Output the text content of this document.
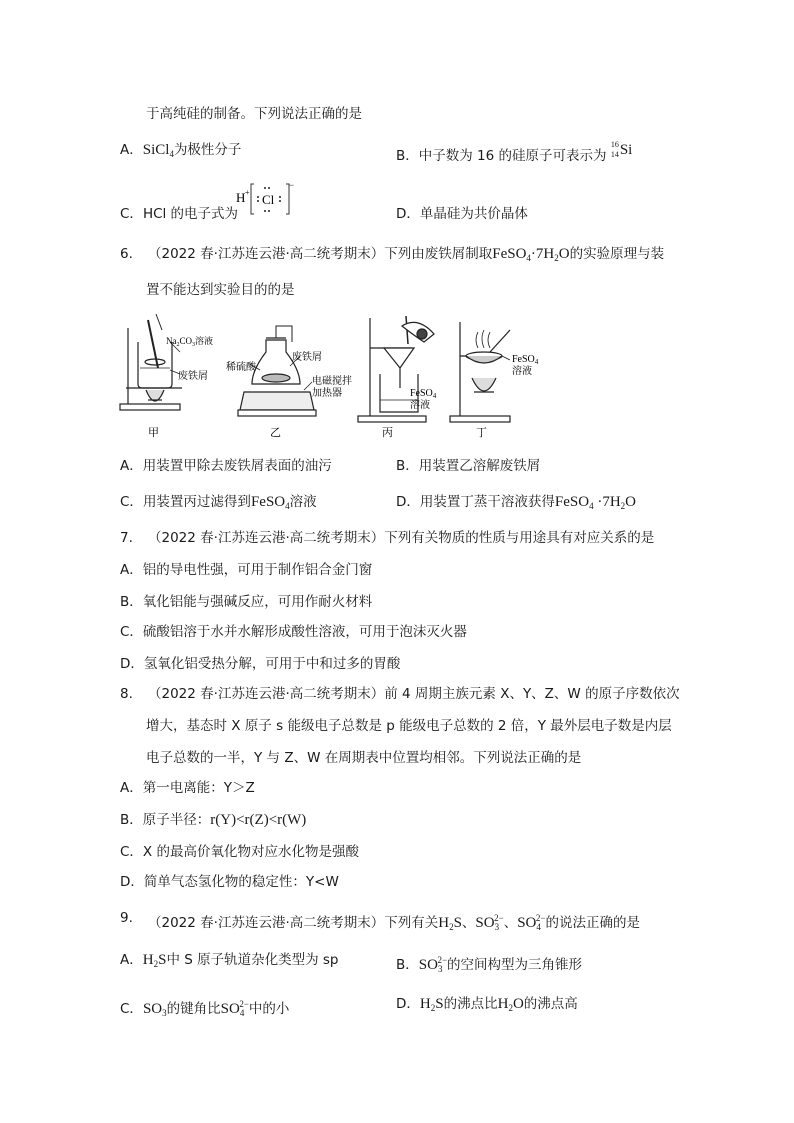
于高纯硅的制备。下列说法正确的是
A．SiCl$_4$为极性分子	B．中子数为 16 的硅原子可表示为
16
14 Si
C．HCl 的电子式为
H + Cl
−
D．单晶硅为共价晶体
6. （2022 春·江苏连云港·高二统考期末）下列由废铁屑制取$FeSO_4\cdot 7H_2O$的实验原理与装
置不能达到实验目的的是
$Na_2CO_3$溶液
废铁屑
稀硫酸
废铁屑
电磁搅拌
加热器	FeSO$_4$
溶液
FeSO$_4$
溶液
甲	乙	丙	丁
A．用装置甲除去废铁屑表面的油污	B．用装置乙溶解废铁屑
C．用装置丙过滤得到FeSO$_4$溶液	D．用装置丁蒸干溶液获得FeSO$_4$ $\cdot 7H_2O$
7. （2022 春·江苏连云港·高二统考期末）下列有关物质的性质与用途具有对应关系的是
A．铝的导电性强，可用于制作铝合金门窗
B．氧化铝能与强碱反应，可用作耐火材料
C．硫酸铝溶于水并水解形成酸性溶液，可用于泡沫灭火器
D．氢氧化铝受热分解，可用于中和过多的胃酸
8. （2022 春·江苏连云港·高二统考期末）前 4 周期主族元素 X、Y、Z、W 的原子序数依次
增大，基态时 X 原子 s 能级电子总数是 p 能级电子总数的 2 倍，Y 最外层电子数是内层
电子总数的一半，Y 与 Z、W 在周期表中位置均相邻。下列说法正确的是
A．第一电离能：Y＞Z
B．原子半径：r(Y)<r(Z)<r(W)
C．X 的最高价氧化物对应水化物是强酸
D．简单气态氢化物的稳定性：Y<W
9. （2022 春·江苏连云港·高二统考期末）下列有关$H_2S$、$SO_3^{2-}$、$SO_4^{2-}$的说法正确的是
A．$H_2S$中 S 原子轨道杂化类型为 sp	B．$SO_3^{2-}$的空间构型为三角锥形
C．$SO_3$的键角比$SO_4^{2-}$中的小	D．$H_2S$的沸点比$H_2O$的沸点高
